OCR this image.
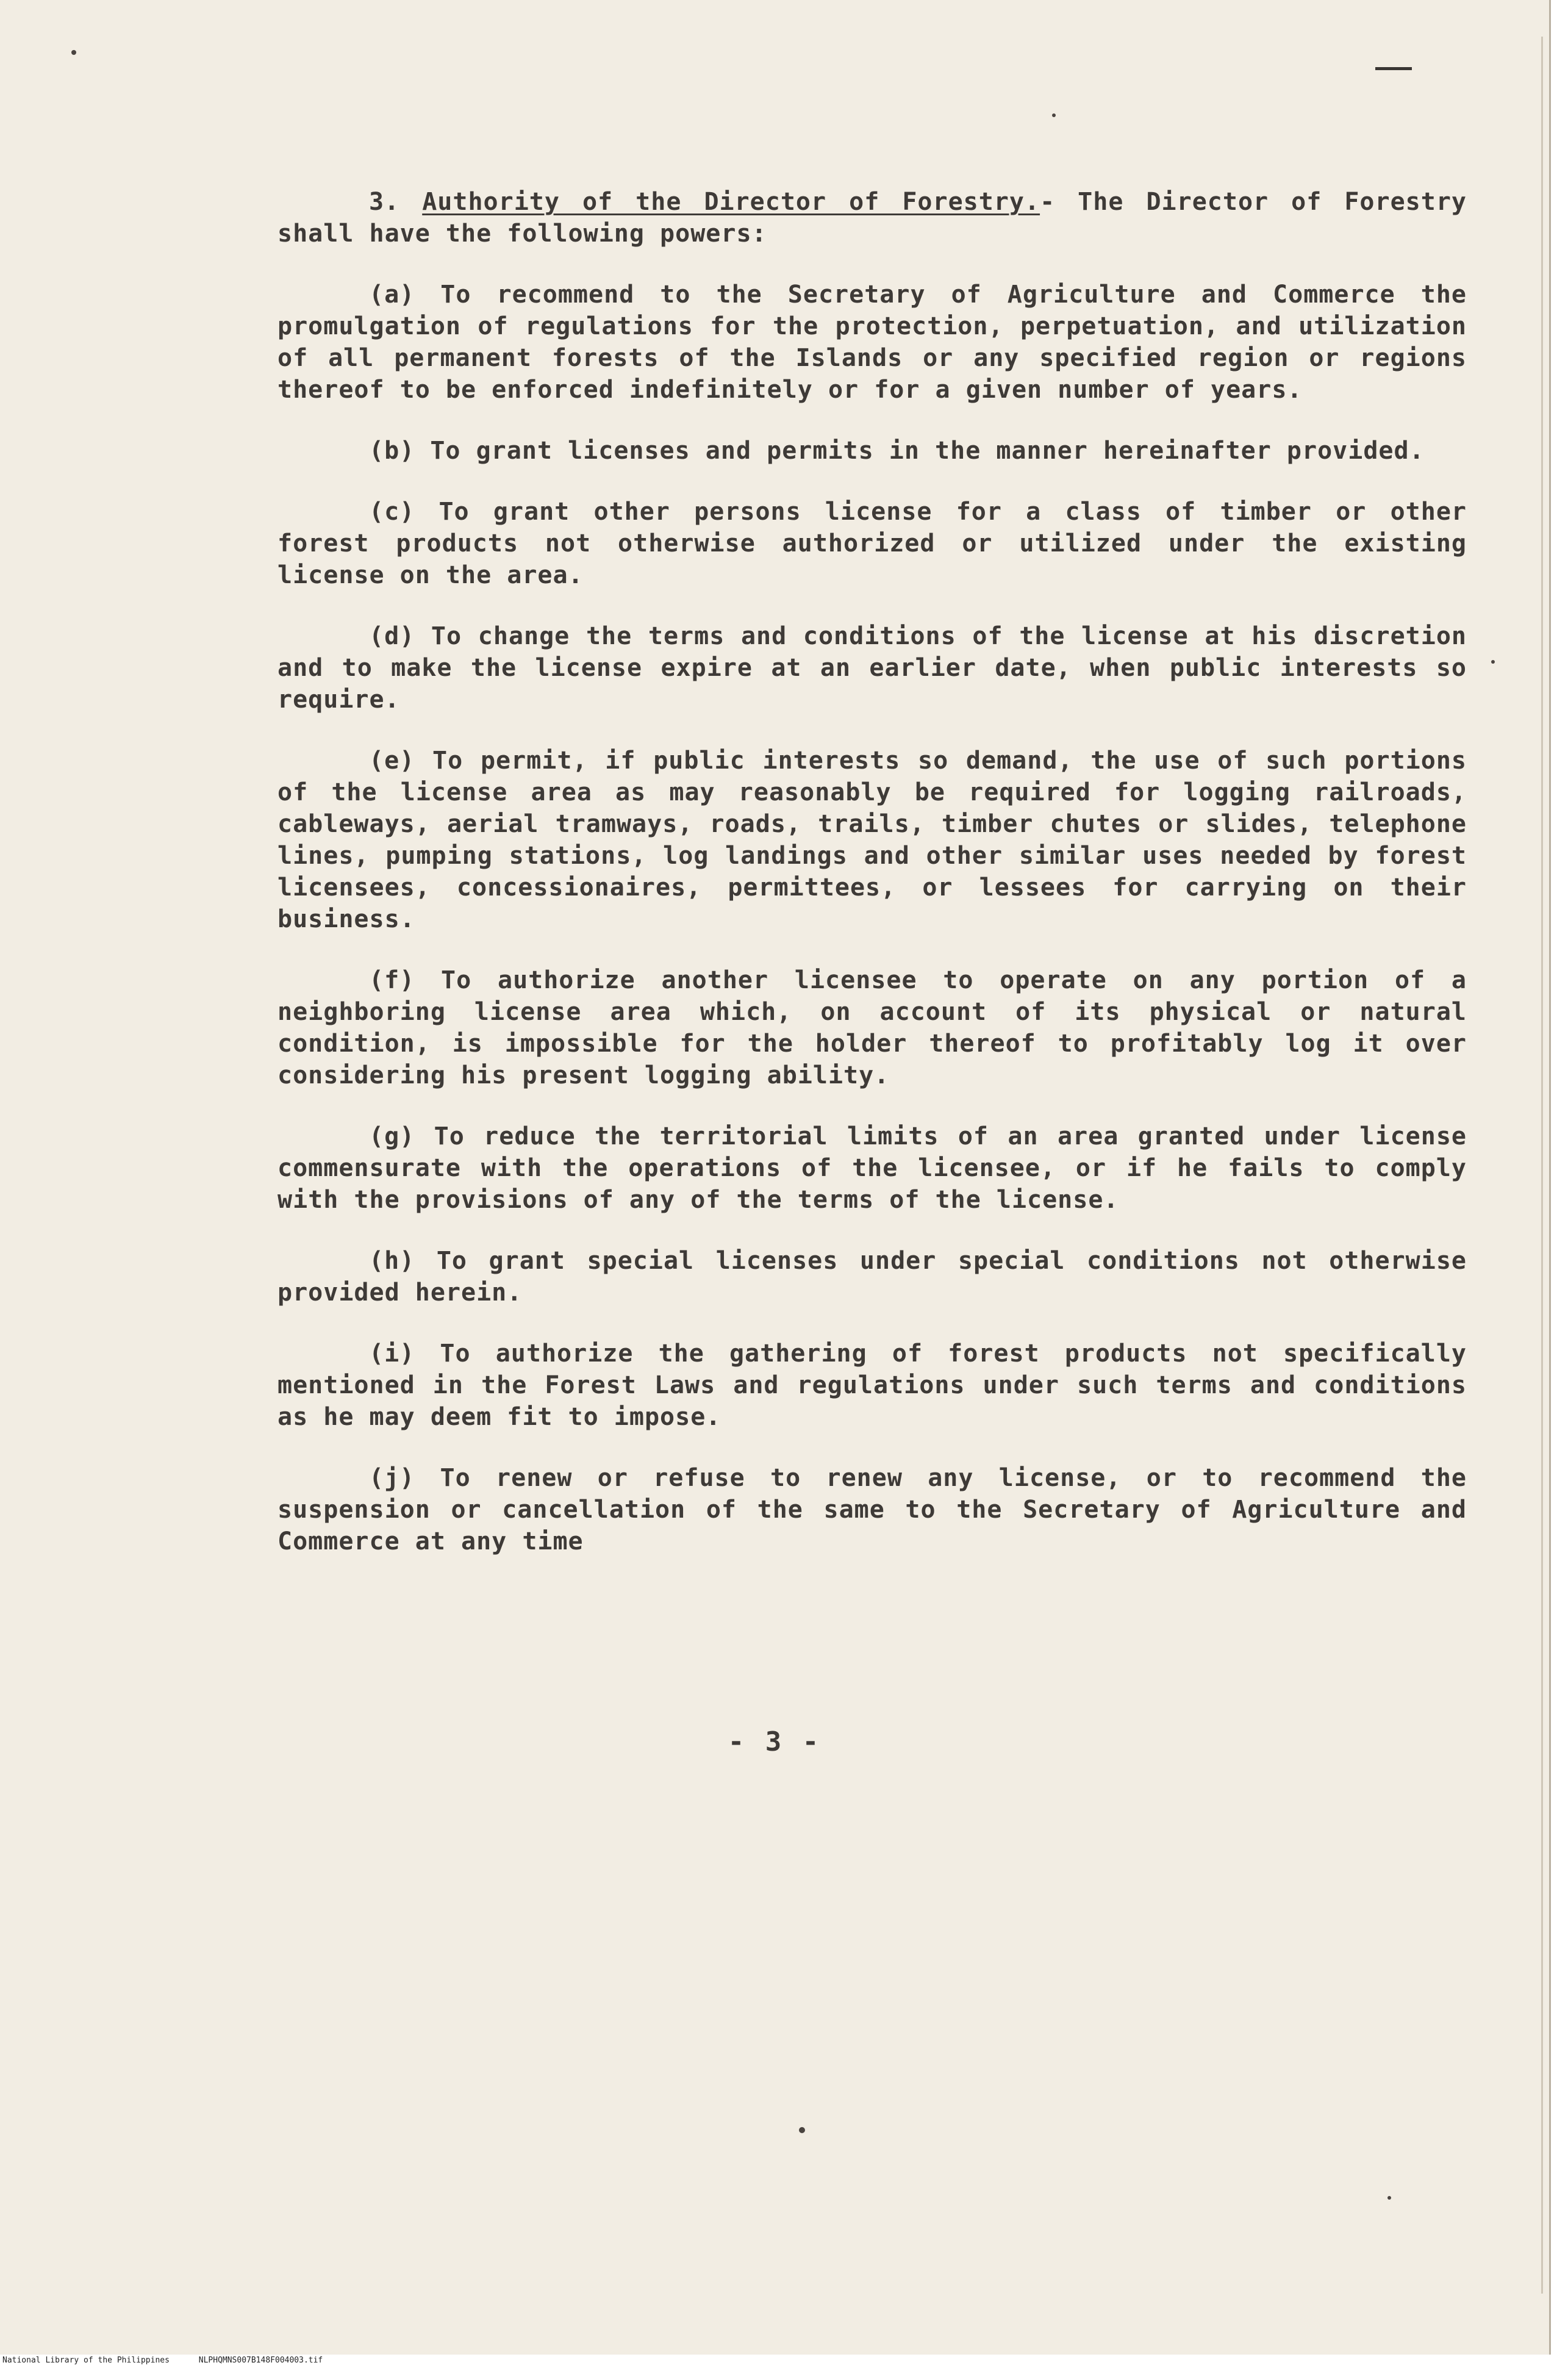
3. Authority of the Director of Forestry.- The Director of Forestry shall have the following powers:

(a) To recommend to the Secretary of Agriculture and Commerce the promulgation of regulations for the protection, perpetuation, and utilization of all permanent forests of the Islands or any specified region or regions thereof to be enforced indefinitely or for a given number of years.

(b) To grant licenses and permits in the manner hereinafter provided.

(c) To grant other persons license for a class of timber or other forest products not otherwise authorized or utilized under the existing license on the area.

(d) To change the terms and conditions of the license at his discretion and to make the license expire at an earlier date, when public interests so require.

(e) To permit, if public interests so demand, the use of such portions of the license area as may reasonably be required for logging railroads, cableways, aerial tramways, roads, trails, timber chutes or slides, telephone lines, pumping stations, log landings and other similar uses needed by forest licensees, concessionaires, permittees, or lessees for carrying on their business.

(f) To authorize another licensee to operate on any portion of a neighboring license area which, on account of its physical or natural condition, is impossible for the holder thereof to profitably log it over considering his present logging ability.

(g) To reduce the territorial limits of an area granted under license commensurate with the operations of the licensee, or if he fails to comply with the provisions of any of the terms of the license.

(h) To grant special licenses under special conditions not otherwise provided herein.

(i) To authorize the gathering of forest products not specifically mentioned in the Forest Laws and regulations under such terms and conditions as he may deem fit to impose.

(j) To renew or refuse to renew any license, or to recommend the suspension or cancellation of the same to the Secretary of Agriculture and Commerce at any time

- 3 -
National Library of the Philippines	NLPHQMNS007B148F004003.tif
